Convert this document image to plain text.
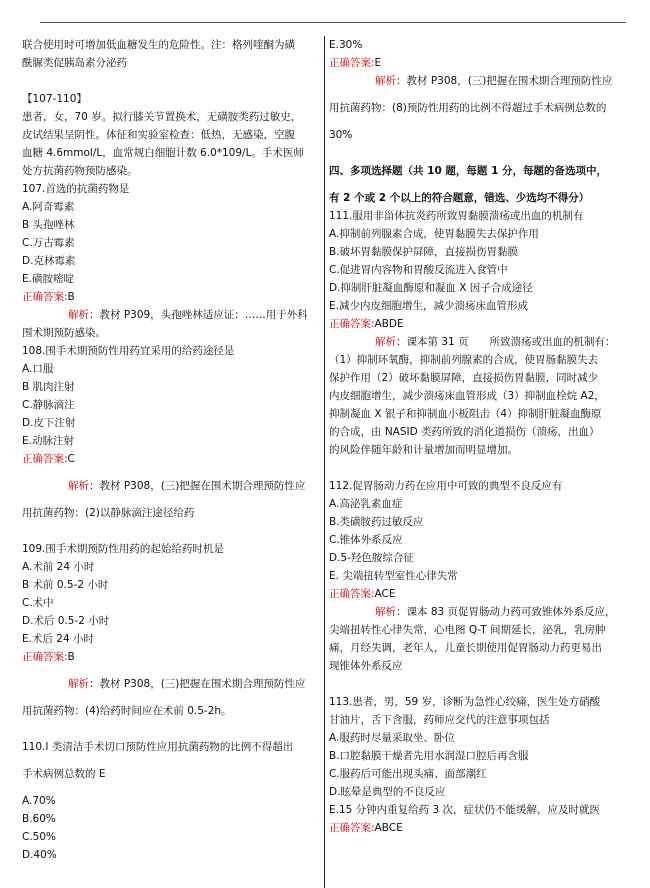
联合使用时可增加低血糖发生的危险性。注：格列喹酮为磺

酰脲类促胰岛素分泌药

【107-110】

患者，女，70 岁。拟行膝关节置换术，无磺胺类药过敏史，

皮试结果呈阴性。体征和实验室检查：低热，无感染，空腹

血糖 4.6mmol/L，血常规白细胞计数 6.0*109/L。手术医师

处方抗菌药物预防感染。

107.首选的抗菌药物是

A.阿奇霉素

B 头孢唑林

C.万古霉素

D.克林霉素

E.磺胺嘧啶

正确答案:B

解析：教材 P309，头孢唑林适应证：……用于外科

围术期预防感染。

108.围手术期预防性用药宜采用的给药途径是

A.口服

B 肌肉注射

C.静脉滴注

D.皮下注射

E.动脉注射

正确答案:C

解析：教材 P308，(三)把握在围术期合理预防性应

用抗菌药物：(2)以静脉滴注途径给药

109.围手术期预防性用药的起始给药时机是

A.术前 24 小时

B 术前 0.5-2 小时

C.术中

D.术后 0.5-2 小时

E.术后 24 小时

正确答案:B

解析：教材 P308，(三)把握在围术期合理预防性应

用抗菌药物：(4)给药时间应在术前 0.5-2h。

110.I 类清洁手术切口预防性应用抗菌药物的比例不得超出

手术病例总数的 E

A.70%

B.60%

C.50%

D.40%

E.30%

正确答案:E

解析：教材 P308，(三)把握在围术期合理预防性应

用抗菌药物：(8)预防性用药的比例不得超过手术病例总数的

30%

四、多项选择题（共 10 题，每题 1 分，每题的备选项中，

有 2 个或 2 个以上的符合题意，错选、少选均不得分）

111.服用非甾体抗炎药所致胃黏膜溃疡或出血的机制有

A.抑制前列腺素合成，使胃黏膜失去保护作用

B.破坏胃黏膜保护屏障，直接损伤胃黏膜

C.促进胃内容物和胃酸反流进入食管中

D.抑制肝脏凝血酶原和凝血 X 因子合成途径

E.减少内皮细胞增生，减少溃疡床血管形成

正确答案:ABDE

解析：课本第 31 页　　所致溃疡或出血的机制有：

（1）抑制环氧酶，抑制前列腺素的合成，使胃肠黏膜失去

保护作用（2）破坏黏膜屏障，直接损伤胃黏膜，同时减少

内皮细胞增生，减少溃疡床血管形成（3）抑制血栓烷 A2，

抑制凝血 X 银子和抑制血小板阻击（4）抑制肝脏凝血酶原

的合成，由 NASID 类药所致的消化道损伤（溃疡，出血）

的风险伴随年龄和计量增加而明显增加。

112.促胃肠动力药在应用中可致的典型不良反应有

A.高泌乳素血症

B.类磺胺药过敏反应

C.锥体外系反应

D.5-羟色胺综合征

E. 尖端扭转型室性心律失常

正确答案:ACE

解析：课本 83 页促胃肠动力药可致锥体外系反应，

尖端扭转性心律失常，心电图 Q-T 间期延长，泌乳，乳房肿

痛，月经失调，老年人，儿童长期使用促胃肠动力药更易出

现锥体外系反应

113.患者，男，59 岁，诊断为急性心绞痛，医生处方硝酸

甘油片，舌下含服，药师应交代的注意事项包括

A.服药时尽量采取坐、卧位

B.口腔黏膜干燥者先用水润湿口腔后再含服

C.服药后可能出现头痛、面部潮红

D.眩晕是典型的不良反应

E.15 分钟内重复给药 3 次，症状仍不能缓解，应及时就医

正确答案:ABCE
